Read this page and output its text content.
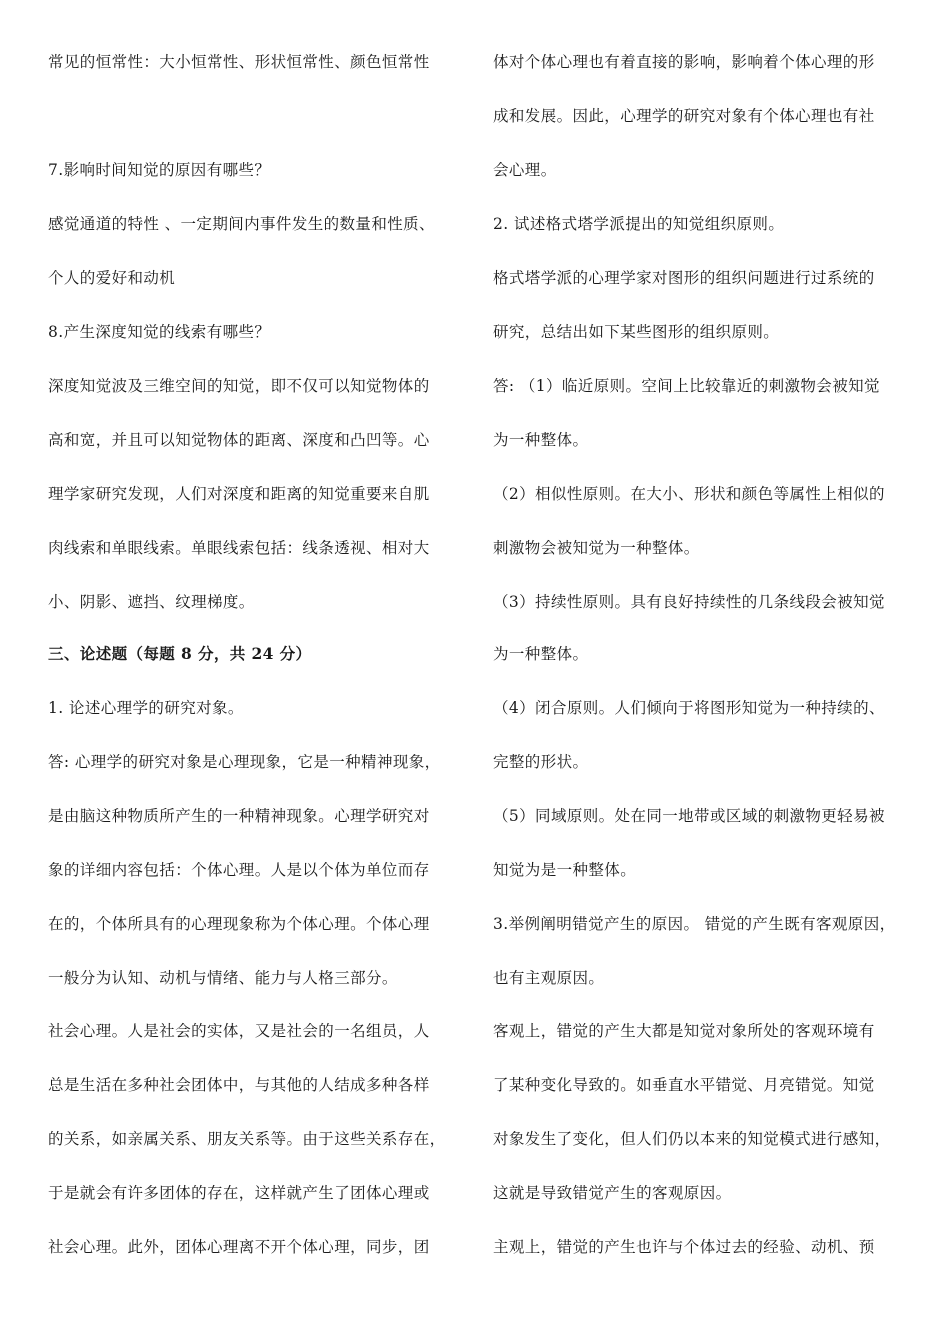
常见的恒常性：大小恒常性、形状恒常性、颜色恒常性
7.影响时间知觉的原因有哪些？
感觉通道的特性 、一定期间内事件发生的数量和性质、
个人的爱好和动机
8.产生深度知觉的线索有哪些？
深度知觉波及三维空间的知觉，即不仅可以知觉物体的
高和宽，并且可以知觉物体的距离、深度和凸凹等。心
理学家研究发现，人们对深度和距离的知觉重要来自肌
肉线索和单眼线索。单眼线索包括：线条透视、相对大
小、阴影、遮挡、纹理梯度。
三、论述题（每题 8 分，共 24 分）
1. 论述心理学的研究对象。
答: 心理学的研究对象是心理现象，它是一种精神现象，
是由脑这种物质所产生的一种精神现象。心理学研究对
象的详细内容包括：个体心理。人是以个体为单位而存
在的，个体所具有的心理现象称为个体心理。个体心理
一般分为认知、动机与情绪、能力与人格三部分。
社会心理。人是社会的实体，又是社会的一名组员，人
总是生活在多种社会团体中，与其他的人结成多种各样
的关系，如亲属关系、朋友关系等。由于这些关系存在，
于是就会有许多团体的存在，这样就产生了团体心理或
社会心理。此外，团体心理离不开个体心理，同步，团
体对个体心理也有着直接的影响，影响着个体心理的形
成和发展。因此，心理学的研究对象有个体心理也有社
会心理。
2. 试述格式塔学派提出的知觉组织原则。
格式塔学派的心理学家对图形的组织问题进行过系统的
研究，总结出如下某些图形的组织原则。
答: （1）临近原则。空间上比较靠近的刺激物会被知觉
为一种整体。
（2）相似性原则。在大小、形状和颜色等属性上相似的
刺激物会被知觉为一种整体。
（3）持续性原则。具有良好持续性的几条线段会被知觉
为一种整体。
（4）闭合原则。人们倾向于将图形知觉为一种持续的、
完整的形状。
（5）同域原则。处在同一地带或区域的刺激物更轻易被
知觉为是一种整体。
3.举例阐明错觉产生的原因。 错觉的产生既有客观原因，
也有主观原因。
客观上，错觉的产生大都是知觉对象所处的客观环境有
了某种变化导致的。如垂直水平错觉、月亮错觉。知觉
对象发生了变化，但人们仍以本来的知觉模式进行感知，
这就是导致错觉产生的客观原因。
主观上，错觉的产生也许与个体过去的经验、动机、预
